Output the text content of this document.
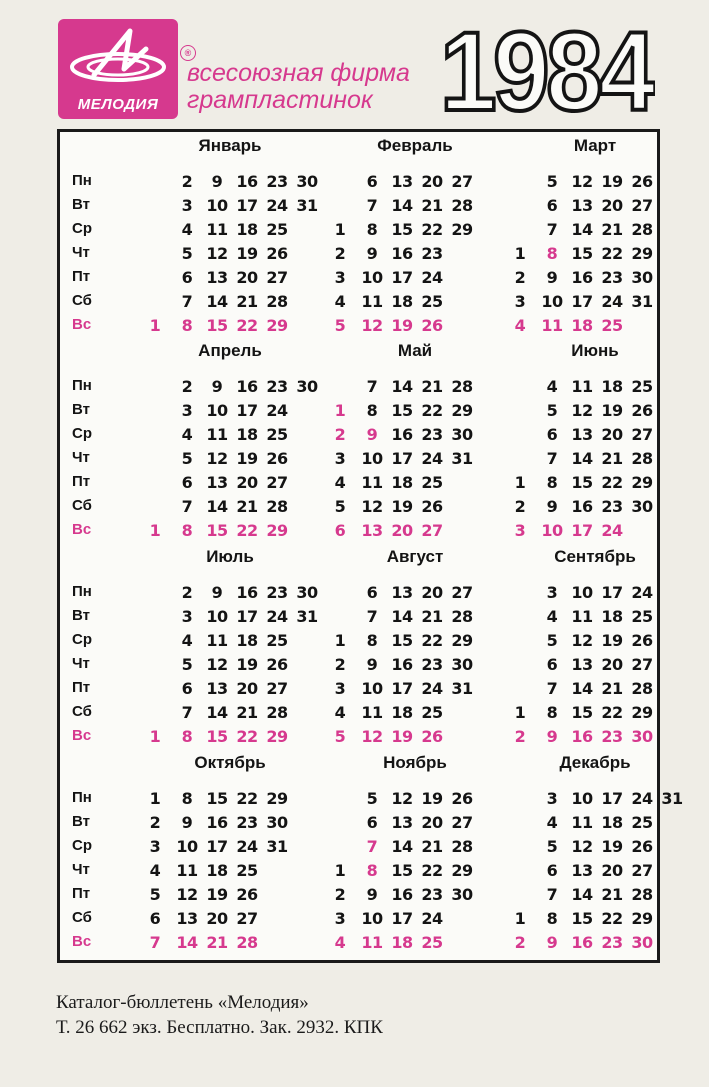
МЕЛОДИЯ
®
всесоюзная фирма
грампластинок 1984
Пн
Вт
Ср
Чт
Пт
Сб
Вс
Январь
2	9 16 23 30
3 10 17 24 31
4 11 18 25
5 12 19 26
6 13 20 27
7 14 21 28
1	8 15 22 29
Февраль
6 13 20 27
7 14 21 28
1	8 15 22 29
2	9 16 23
3	10 17 24
4	11 18 25
5	12 19 26
Март
5 12 19 26
6 13 20 27
7 14 21 28
1	8 15 22 29
2	9 16 23 30
3	10 17 24 31
4	11 18 25
Пн
Вт
Ср
Чт
Пт
Сб
Вс
Апрель
2	9 16 23 30
3 10 17 24
4 11 18 25
5 12 19 26
6 13 20 27
7 14 21 28
1	8 15 22 29
Май
7 14 21 28
1	8 15 22 29
2	9 16 23 30
3	10 17 24 31
4	11 18 25
5	12 19 26
6	13 20 27
Июнь
4 11 18 25
5 12 19 26
6 13 20 27
7 14 21 28
1	8 15 22 29
2	9 16 23 30
3	10 17 24
Пн
Вт
Ср
Чт
Пт
Сб
Вс
Июль
2	9 16 23 30
3 10 17 24 31
4 11 18 25
5 12 19 26
6 13 20 27
7 14 21 28
1	8 15 22 29
Август
6 13 20 27
7 14 21 28
1	8 15 22 29
2	9 16 23 30
3	10 17 24 31
4	11 18 25
5	12 19 26
Сентябрь
3 10 17 24
4 11 18 25
5 12 19 26
6 13 20 27
7 14 21 28
1	8 15 22 29
2	9 16 23 30
Пн
Вт
Ср
Чт
Пт
Сб
Вс
Октябрь
1	8 15 22 29
2	9 16 23 30
3	10 17 24 31
4	11 18 25
5	12 19 26
6	13 20 27
7	14 21 28
Ноябрь
5 12 19 26
6 13 20 27
7 14 21 28
1	8 15 22 29
2	9 16 23 30
3	10 17 24
4	11 18 25
Декабрь
3 10 17 24 31
4 11 18 25
5 12 19 26
6 13 20 27
7 14 21 28
1	8 15 22 29
2	9 16 23 30
Каталог-бюллетень «Мелодия»
Т. 26 662 экз. Бесплатно. Зак. 2932. КПК
